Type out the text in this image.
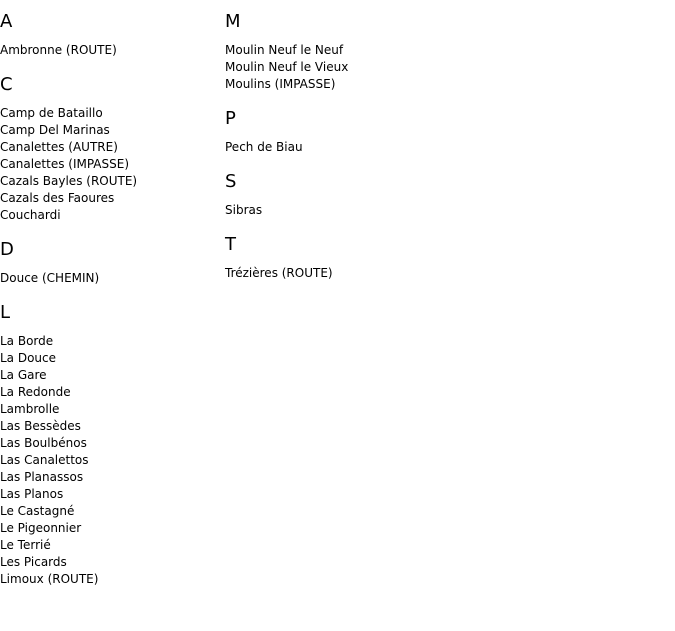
A
Ambronne (ROUTE)
C
Camp de Bataillo
Camp Del Marinas
Canalettes (AUTRE)
Canalettes (IMPASSE)
Cazals Bayles (ROUTE)
Cazals des Faoures
Couchardi
D
Douce (CHEMIN)
L
La Borde
La Douce
La Gare
La Redonde
Lambrolle
Las Bessèdes
Las Boulbénos
Las Canalettos
Las Planassos
Las Planos
Le Castagné
Le Pigeonnier
Le Terrié
Les Picards
Limoux (ROUTE)
M
Moulin Neuf le Neuf
Moulin Neuf le Vieux
Moulins (IMPASSE)
P
Pech de Biau
S
Sibras
T
Trézières (ROUTE)
